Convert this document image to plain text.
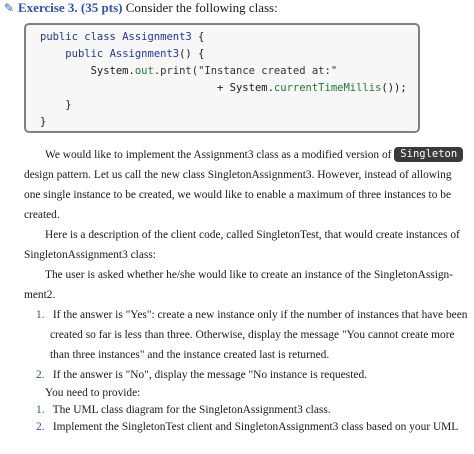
✎ Exercise 3. (35 pts) Consider the following class:
public class Assignment3 {
public Assignment3() {
System.out.print("Instance created at:"
+ System.currentTimeMillis());
}
}
We would like to implement the Assignment3 class as a modified version of Singleton
design pattern. Let us call the new class SingletonAssignment3. However, instead of allowing
one single instance to be created, we would like to enable a maximum of three instances to be
created.
Here is a description of the client code, called SingletonTest, that would create instances of
SingletonAssignment3 class:
The user is asked whether he/she would like to create an instance of the SingletonAssign-
ment2.
1. If the answer is "Yes": create a new instance only if the number of instances that have been
created so far is less than three. Otherwise, display the message "You cannot create more
than three instances" and the instance created last is returned.
2. If the answer is "No", display the message "No instance is requested.
You need to provide:
1. The UML class diagram for the SingletonAssignment3 class.
2. Implement the SingletonTest client and SingletonAssignment3 class based on your UML
